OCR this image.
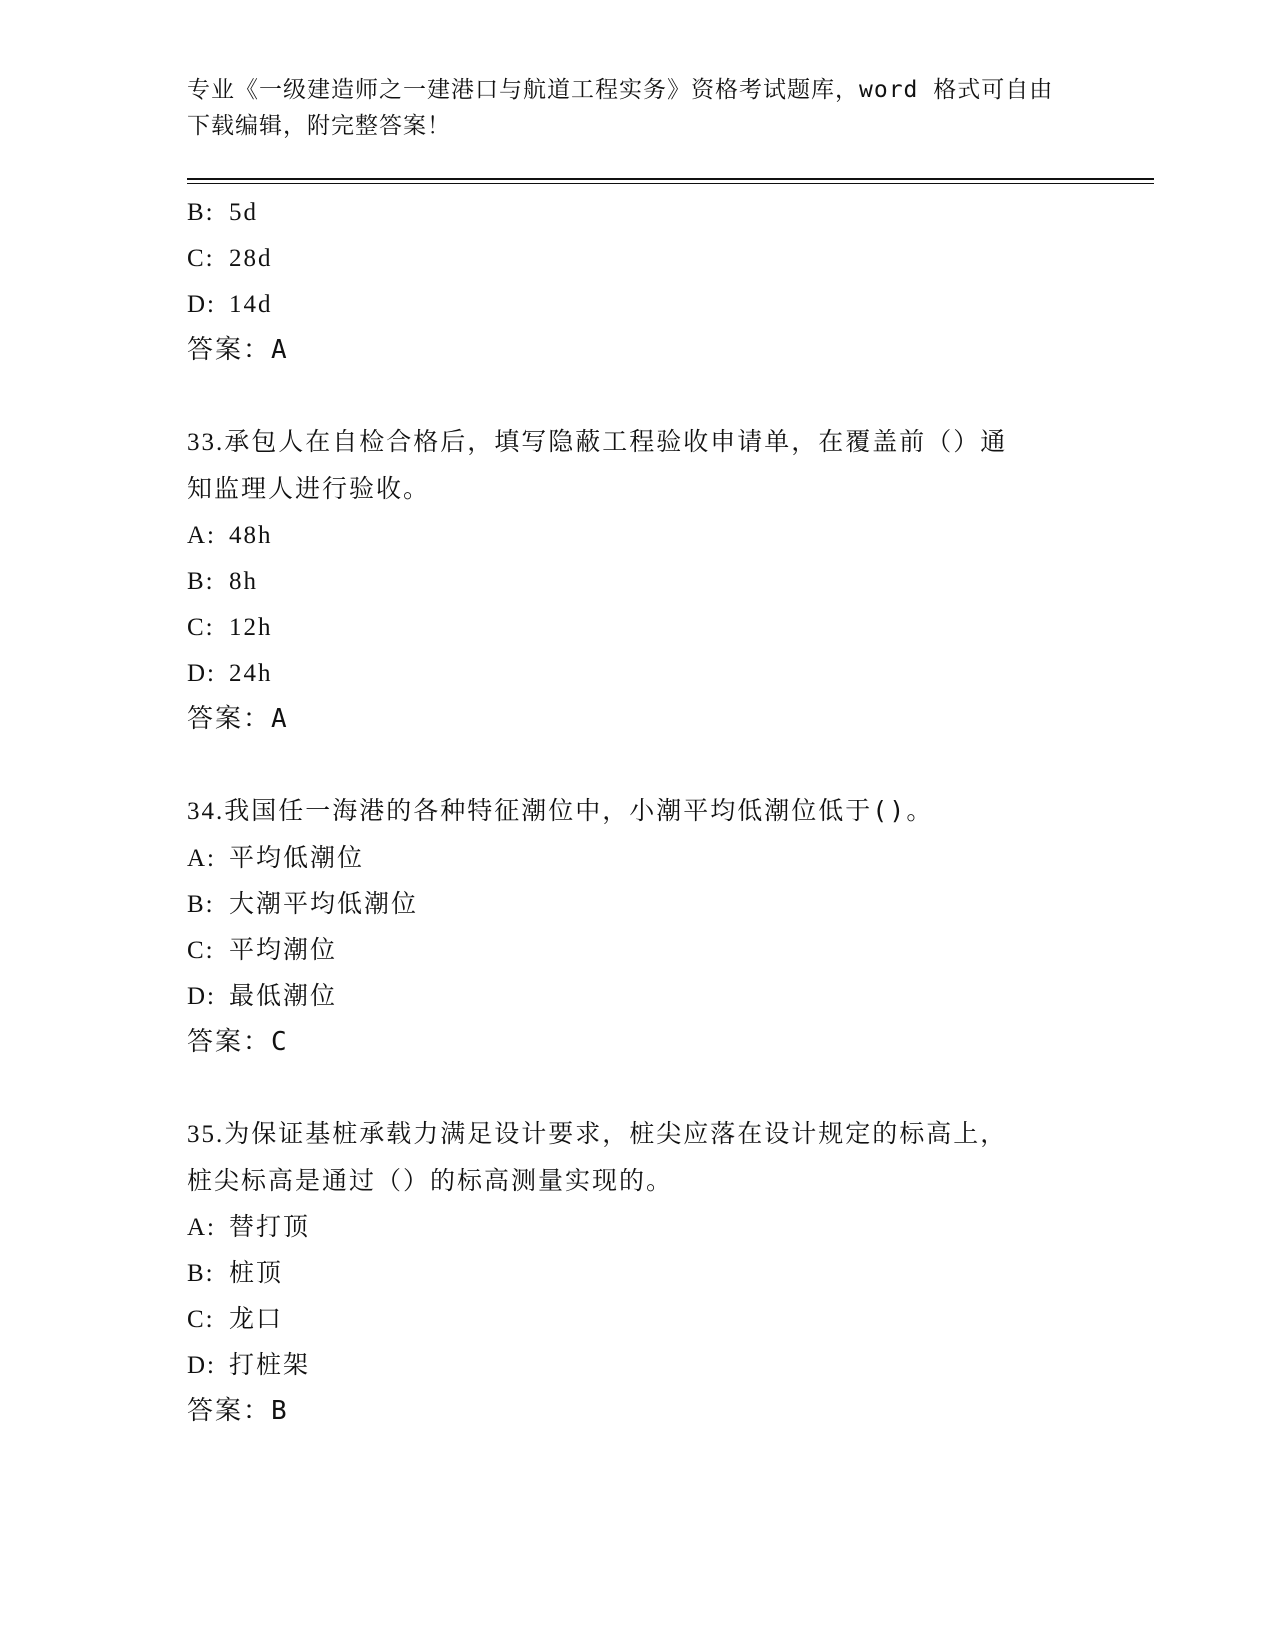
专业《一级建造师之一建港口与航道工程实务》资格考试题库，word 格式可自由
下载编辑，附完整答案！
B: 5d
C: 28d
D: 14d
答案：A
33.承包人在自检合格后，填写隐蔽工程验收申请单，在覆盖前（）通
知监理人进行验收。
A: 48h
B: 8h
C: 12h
D: 24h
答案：A
34.我国任一海港的各种特征潮位中，小潮平均低潮位低于()。
A: 平均低潮位
B: 大潮平均低潮位
C: 平均潮位
D: 最低潮位
答案：C
35.为保证基桩承载力满足设计要求，桩尖应落在设计规定的标高上，
桩尖标高是通过（）的标高测量实现的。
A: 替打顶
B: 桩顶
C: 龙口
D: 打桩架
答案：B
